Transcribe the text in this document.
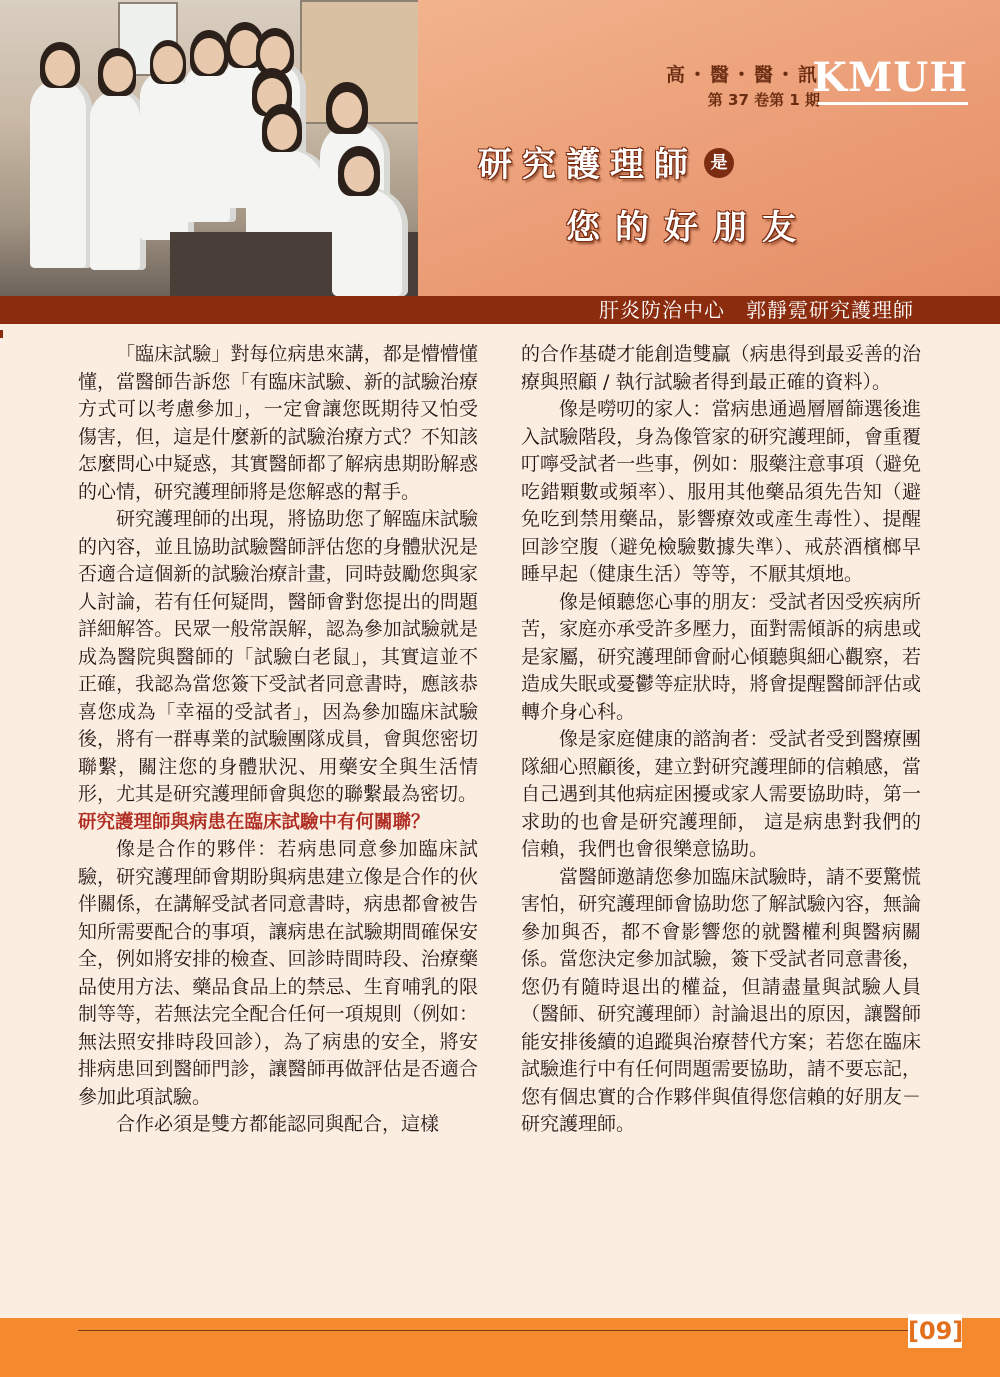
高・醫・醫・訊
第 37 卷第 1 期
KMUH
研究護理師 是
您的好朋友
肝炎防治中心　郭靜霓研究護理師

「臨床試驗」對每位病患來講，都是懵懵懂懂，當醫師告訴您「有臨床試驗、新的試驗治療方式可以考慮參加」，一定會讓您既期待又怕受傷害，但，這是什麼新的試驗治療方式？不知該怎麼問心中疑惑，其實醫師都了解病患期盼解惑的心情，研究護理師將是您解惑的幫手。

研究護理師的出現，將協助您了解臨床試驗的內容，並且協助試驗醫師評估您的身體狀況是否適合這個新的試驗治療計畫，同時鼓勵您與家人討論，若有任何疑問，醫師會對您提出的問題詳細解答。民眾一般常誤解，認為參加試驗就是成為醫院與醫師的「試驗白老鼠」，其實這並不正確，我認為當您簽下受試者同意書時，應該恭喜您成為「幸福的受試者」，因為參加臨床試驗後，將有一群專業的試驗團隊成員，會與您密切聯繫，關注您的身體狀況、用藥安全與生活情形，尤其是研究護理師會與您的聯繫最為密切。

研究護理師與病患在臨床試驗中有何關聯？

像是合作的夥伴：若病患同意參加臨床試驗，研究護理師會期盼與病患建立像是合作的伙伴關係，在講解受試者同意書時，病患都會被告知所需要配合的事項，讓病患在試驗期間確保安全，例如將安排的檢查、回診時間時段、治療藥品使用方法、藥品食品上的禁忌、生育哺乳的限制等等，若無法完全配合任何一項規則（例如：無法照安排時段回診），為了病患的安全，將安排病患回到醫師門診，讓醫師再做評估是否適合參加此項試驗。

合作必須是雙方都能認同與配合，這樣

的合作基礎才能創造雙贏（病患得到最妥善的治療與照顧 / 執行試驗者得到最正確的資料）。

像是嘮叨的家人：當病患通過層層篩選後進入試驗階段，身為像管家的研究護理師，會重覆叮嚀受試者一些事，例如：服藥注意事項（避免吃錯顆數或頻率）、服用其他藥品須先告知（避免吃到禁用藥品，影響療效或產生毒性）、提醒回診空腹（避免檢驗數據失準）、戒菸酒檳榔早睡早起（健康生活）等等，不厭其煩地。

像是傾聽您心事的朋友：受試者因受疾病所苦，家庭亦承受許多壓力，面對需傾訴的病患或是家屬，研究護理師會耐心傾聽與細心觀察，若造成失眠或憂鬱等症狀時，將會提醒醫師評估或轉介身心科。

像是家庭健康的諮詢者：受試者受到醫療團隊細心照顧後，建立對研究護理師的信賴感，當自己遇到其他病症困擾或家人需要協助時，第一求助的也會是研究護理師， 這是病患對我們的信賴，我們也會很樂意協助。

當醫師邀請您參加臨床試驗時，請不要驚慌害怕，研究護理師會協助您了解試驗內容，無論參加與否，都不會影響您的就醫權利與醫病關係。當您決定參加試驗，簽下受試者同意書後，您仍有隨時退出的權益，但請盡量與試驗人員（醫師、研究護理師）討論退出的原因，讓醫師能安排後續的追蹤與治療替代方案；若您在臨床試驗進行中有任何問題需要協助，請不要忘記，您有個忠實的合作夥伴與值得您信賴的好朋友－研究護理師。

[09]
